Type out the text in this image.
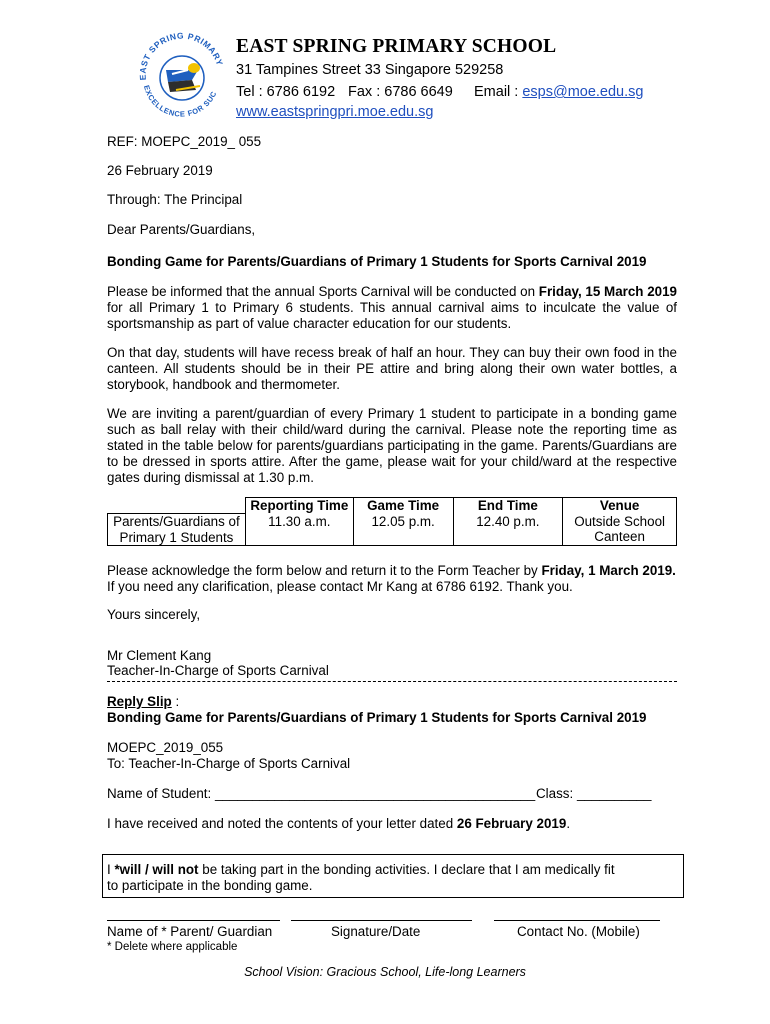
EAST SPRING PRIMARY
EXCELLENCE FOR SUC
EAST SPRING PRIMARY SCHOOL
31 Tampines Street 33 Singapore 529258
Tel : 6786 6192 Fax : 6786 6649 Email : esps@moe.edu.sg
www.eastspringpri.moe.edu.sg
REF: MOEPC_2019_ 055
26 February 2019
Through: The Principal
Dear Parents/Guardians,
Bonding Game for Parents/Guardians of Primary 1 Students for Sports Carnival 2019
Please be informed that the annual Sports Carnival will be conducted on Friday, 15 March 2019 for all Primary 1 to Primary 6 students. This annual carnival aims to inculcate the value of sportsmanship as part of value character education for our students.
On that day, students will have recess break of half an hour. They can buy their own food in the canteen. All students should be in their PE attire and bring along their own water bottles, a storybook, handbook and thermometer.
We are inviting a parent/guardian of every Primary 1 student to participate in a bonding game such as ball relay with their child/ward during the carnival. Please note the reporting time as stated in the table below for parents/guardians participating in the game. Parents/Guardians are to be dressed in sports attire. After the game, please wait for your child/ward at the respective gates during dismissal at 1.30 p.m.
	Reporting Time	Game Time	End Time	Venue
Parents/Guardians of Primary 1 Students	11.30 a.m.	12.05 p.m.	12.40 p.m.	Outside School Canteen
Please acknowledge the form below and return it to the Form Teacher by Friday, 1 March 2019. If you need any clarification, please contact Mr Kang at 6786 6192. Thank you.
Yours sincerely,
Mr Clement Kang
Teacher-In-Charge of Sports Carnival
Reply Slip :
Bonding Game for Parents/Guardians of Primary 1 Students for Sports Carnival 2019
MOEPC_2019_055
To: Teacher-In-Charge of Sports Carnival
Name of Student: ___________________________________________ Class: __________
I have received and noted the contents of your letter dated 26 February 2019.
I *will / will not be taking part in the bonding activities. I declare that I am medically fit to participate in the bonding game.
Name of * Parent/ Guardian	Signature/Date	Contact No. (Mobile)
* Delete where applicable
School Vision: Gracious School, Life-long Learners
